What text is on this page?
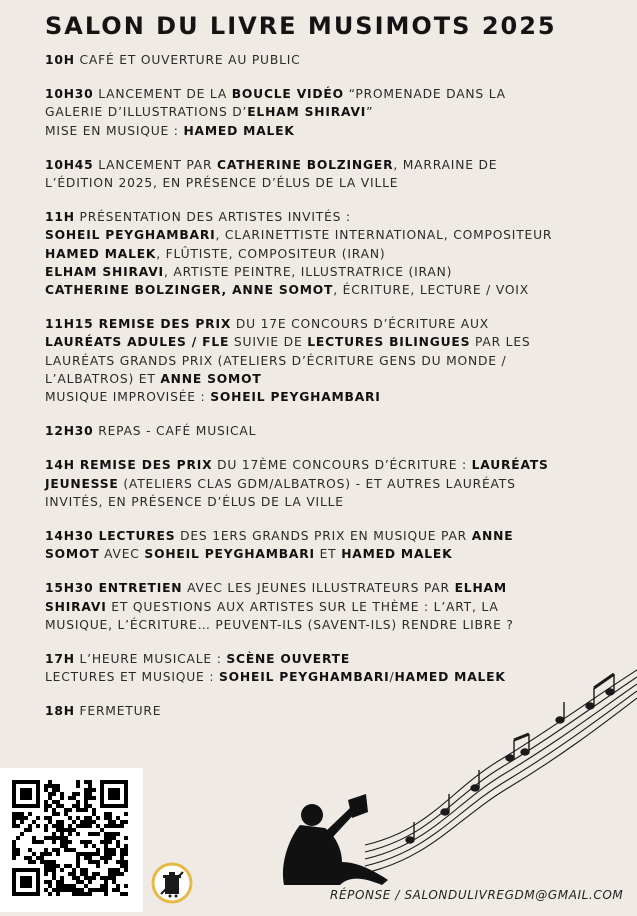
SALON DU LIVRE MUSIMOTS 2025
10H CAFÉ ET OUVERTURE AU PUBLIC
10H30 LANCEMENT DE LA BOUCLE VIDÉO “PROMENADE DANS LA
GALERIE D’ILLUSTRATIONS D’ELHAM SHIRAVI”
MISE EN MUSIQUE : HAMED MALEK
10H45 LANCEMENT PAR CATHERINE BOLZINGER, MARRAINE DE
L’ÉDITION 2025, EN PRÉSENCE D’ÉLUS DE LA VILLE
11H PRÉSENTATION DES ARTISTES INVITÉS :
SOHEIL PEYGHAMBARI, CLARINETTISTE INTERNATIONAL, COMPOSITEUR
HAMED MALEK, FLÛTISTE, COMPOSITEUR (IRAN)
ELHAM SHIRAVI, ARTISTE PEINTRE, ILLUSTRATRICE (IRAN)
CATHERINE BOLZINGER, ANNE SOMOT, ÉCRITURE, LECTURE / VOIX
11H15 REMISE DES PRIX DU 17E CONCOURS D’ÉCRITURE AUX
LAURÉATS ADULES / FLE SUIVIE DE LECTURES BILINGUES PAR LES
LAURÉATS GRANDS PRIX (ATELIERS D’ÉCRITURE GENS DU MONDE /
L’ALBATROS) ET ANNE SOMOT
MUSIQUE IMPROVISÉE : SOHEIL PEYGHAMBARI
12H30 REPAS - CAFÉ MUSICAL
14H REMISE DES PRIX DU 17ÈME CONCOURS D’ÉCRITURE : LAURÉATS
JEUNESSE (ATELIERS CLAS GDM/ALBATROS) - ET AUTRES LAURÉATS
INVITÉS, EN PRÉSENCE D’ÉLUS DE LA VILLE
14H30 LECTURES DES 1ERS GRANDS PRIX EN MUSIQUE PAR ANNE
SOMOT AVEC SOHEIL PEYGHAMBARI ET HAMED MALEK
15H30 ENTRETIEN AVEC LES JEUNES ILLUSTRATEURS PAR ELHAM
SHIRAVI ET QUESTIONS AUX ARTISTES SUR LE THÈME : L’ART, LA
MUSIQUE, L’ÉCRITURE… PEUVENT-ILS (SAVENT-ILS) RENDRE LIBRE ?
17H L’HEURE MUSICALE : SCÈNE OUVERTE
LECTURES ET MUSIQUE : SOHEIL PEYGHAMBARI/HAMED MALEK
18H FERMETURE
RÉPONSE / SALONDULIVREGDM@GMAIL.COM
